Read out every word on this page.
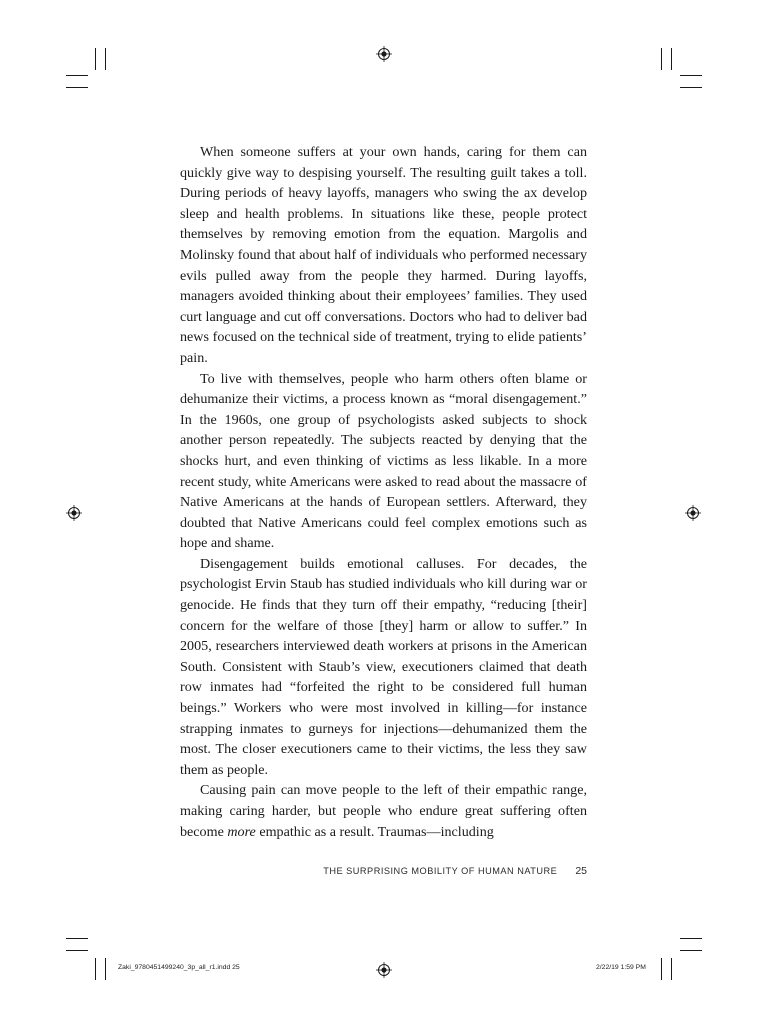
When someone suffers at your own hands, caring for them can quickly give way to despising yourself. The resulting guilt takes a toll. During periods of heavy layoffs, managers who swing the ax develop sleep and health problems. In situations like these, people protect themselves by removing emotion from the equation. Margolis and Molinsky found that about half of individuals who performed necessary evils pulled away from the people they harmed. During layoffs, managers avoided thinking about their employees’ families. They used curt language and cut off conversations. Doctors who had to deliver bad news focused on the technical side of treatment, trying to elide patients’ pain.

To live with themselves, people who harm others often blame or dehumanize their victims, a process known as “moral disengagement.” In the 1960s, one group of psychologists asked subjects to shock another person repeatedly. The subjects reacted by denying that the shocks hurt, and even thinking of victims as less likable. In a more recent study, white Americans were asked to read about the massacre of Native Americans at the hands of European settlers. Afterward, they doubted that Native Americans could feel complex emotions such as hope and shame.

Disengagement builds emotional calluses. For decades, the psychologist Ervin Staub has studied individuals who kill during war or genocide. He finds that they turn off their empathy, “reducing [their] concern for the welfare of those [they] harm or allow to suffer.” In 2005, researchers interviewed death workers at prisons in the American South. Consistent with Staub’s view, executioners claimed that death row inmates had “forfeited the right to be considered full human beings.” Workers who were most involved in killing—for instance strapping inmates to gurneys for injections—dehumanized them the most. The closer executioners came to their victims, the less they saw them as people.

Causing pain can move people to the left of their empathic range, making caring harder, but people who endure great suffering often become more empathic as a result. Traumas—including

THE SURPRISING MOBILITY OF HUMAN NATURE 25
Zaki_9780451499240_3p_all_r1.indd 25	2/22/19 1:59 PM
